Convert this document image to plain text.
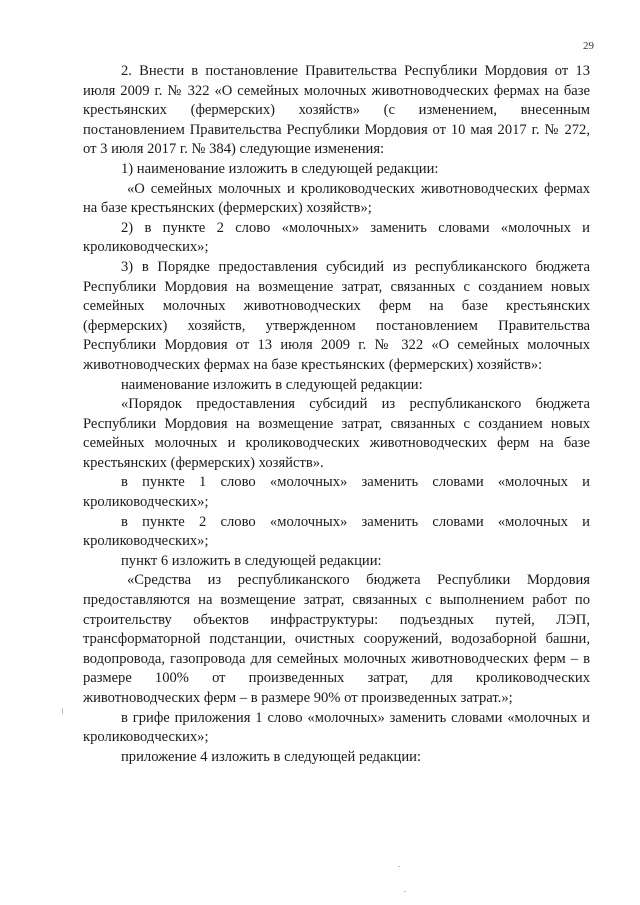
29

2. Внести в постановление Правительства Республики Мордовия от 13 июля 2009 г. № 322 «О семейных молочных животноводческих фермах на базе крестьянских (фермерских) хозяйств» (с изменением, внесенным постановлением Правительства Республики Мордовия от 10 мая 2017 г. № 272, от 3 июля 2017 г. № 384) следующие изменения:

1) наименование изложить в следующей редакции:

«О семейных молочных и кролиководческих животноводческих фермах на базе крестьянских (фермерских) хозяйств»;

2) в пункте 2 слово «молочных» заменить словами «молочных и кролиководческих»;

3) в Порядке предоставления субсидий из республиканского бюджета Республики Мордовия на возмещение затрат, связанных с созданием новых семейных молочных животноводческих ферм на базе крестьянских (фермерских) хозяйств, утвержденном постановлением Правительства Республики Мордовия от 13 июля 2009 г. № 322 «О семейных молочных животноводческих фермах на базе крестьянских (фермерских) хозяйств»:

наименование изложить в следующей редакции:

«Порядок предоставления субсидий из республиканского бюджета Республики Мордовия на возмещение затрат, связанных с созданием новых семейных молочных и кролиководческих животноводческих ферм на базе крестьянских (фермерских) хозяйств».

в пункте 1 слово «молочных» заменить словами «молочных и кролиководческих»;

в пункте 2 слово «молочных» заменить словами «молочных и кролиководческих»;

пункт 6 изложить в следующей редакции:

«Средства из республиканского бюджета Республики Мордовия предоставляются на возмещение затрат, связанных с выполнением работ по строительству объектов инфраструктуры: подъездных путей, ЛЭП, трансформаторной подстанции, очистных сооружений, водозаборной башни, водопровода, газопровода для семейных молочных животноводческих ферм – в размере 100% от произведенных затрат, для кролиководческих животноводческих ферм – в размере 90% от произведенных затрат.»;

в грифе приложения 1 слово «молочных» заменить словами «молочных и кролиководческих»;

приложение 4 изложить в следующей редакции:
